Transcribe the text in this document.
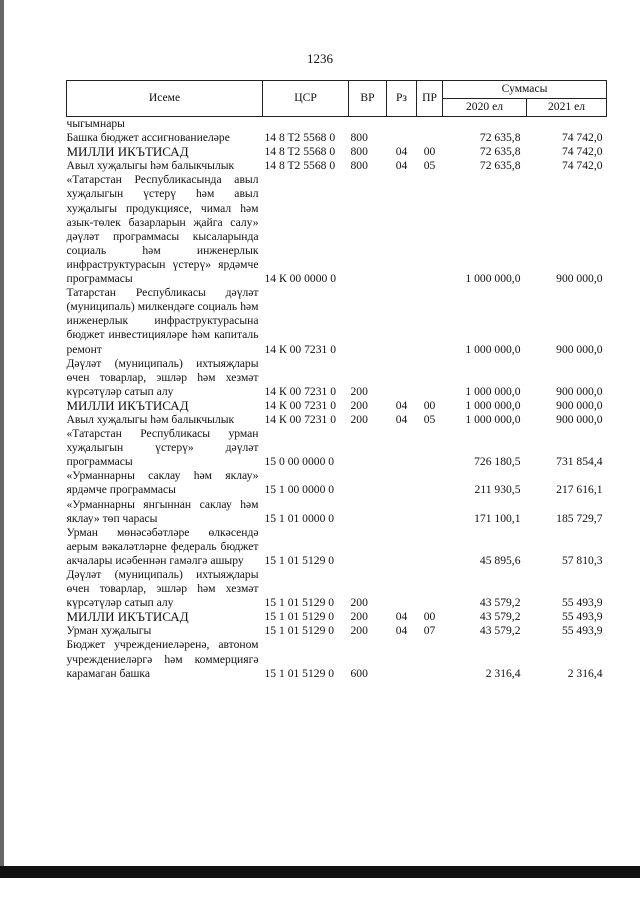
1236
Исеме	ЦСР	ВР	Рз	ПР	Суммасы	
					2020 ел	2021 ел
чыгымнары						
Башка бюджет ассигнованиеләре	14 8 T2 5568 0	800			72 635,8	74 742,0
МИЛЛИ ИКЪТИСАД	14 8 T2 5568 0	800	04	00	72 635,8	74 742,0
Авыл хуҗалыгы һәм балыкчылык	14 8 T2 5568 0	800	04	05	72 635,8	74 742,0
«Татарстан Республикасында авыл хуҗалыгын үстерү һәм авыл хуҗалыгы продукциясе, чимал һәм азык-төлек базарларын җайга салу» дәүләт программасы кысаларында социаль һәм инженерлык инфраструктурасын үстерү» ярдәмче программасы	14 К 00 0000 0				1 000 000,0	900 000,0
Татарстан Республикасы дәүләт (муниципаль) милкендәге социаль һәм инженерлык инфраструктурасына бюджет инвестицияләре һәм капиталь ремонт	14 К 00 7231 0				1 000 000,0	900 000,0
Дәүләт (муниципаль) ихтыяҗлары өчен товарлар, эшләр һәм хезмәт күрсәтүләр сатып алу	14 К 00 7231 0	200			1 000 000,0	900 000,0
МИЛЛИ ИКЪТИСАД	14 К 00 7231 0	200	04	00	1 000 000,0	900 000,0
Авыл хуҗалыгы һәм балыкчылык	14 К 00 7231 0	200	04	05	1 000 000,0	900 000,0
«Татарстан Республикасы урман хуҗалыгын үстерү» дәүләт программасы	15 0 00 0000 0				726 180,5	731 854,4
«Урманнарны саклау һәм яклау» ярдәмче программасы	15 1 00 0000 0				211 930,5	217 616,1
«Урманнарны янгыннан саклау һәм яклау» төп чарасы	15 1 01 0000 0				171 100,1	185 729,7
Урман мөнәсәбәтләре өлкәсендә аерым вәкаләтләрне федераль бюджет акчалары исәбеннән гамәлгә ашыру	15 1 01 5129 0				45 895,6	57 810,3
Дәүләт (муниципаль) ихтыяҗлары өчен товарлар, эшләр һәм хезмәт күрсәтүләр сатып алу	15 1 01 5129 0	200			43 579,2	55 493,9
МИЛЛИ ИКЪТИСАД	15 1 01 5129 0	200	04	00	43 579,2	55 493,9
Урман хуҗалыгы	15 1 01 5129 0	200	04	07	43 579,2	55 493,9
Бюджет учреждениеләренә, автоном учреждениеләргә һәм коммерциягә карамаган башка	15 1 01 5129 0	600			2 316,4	2 316,4
